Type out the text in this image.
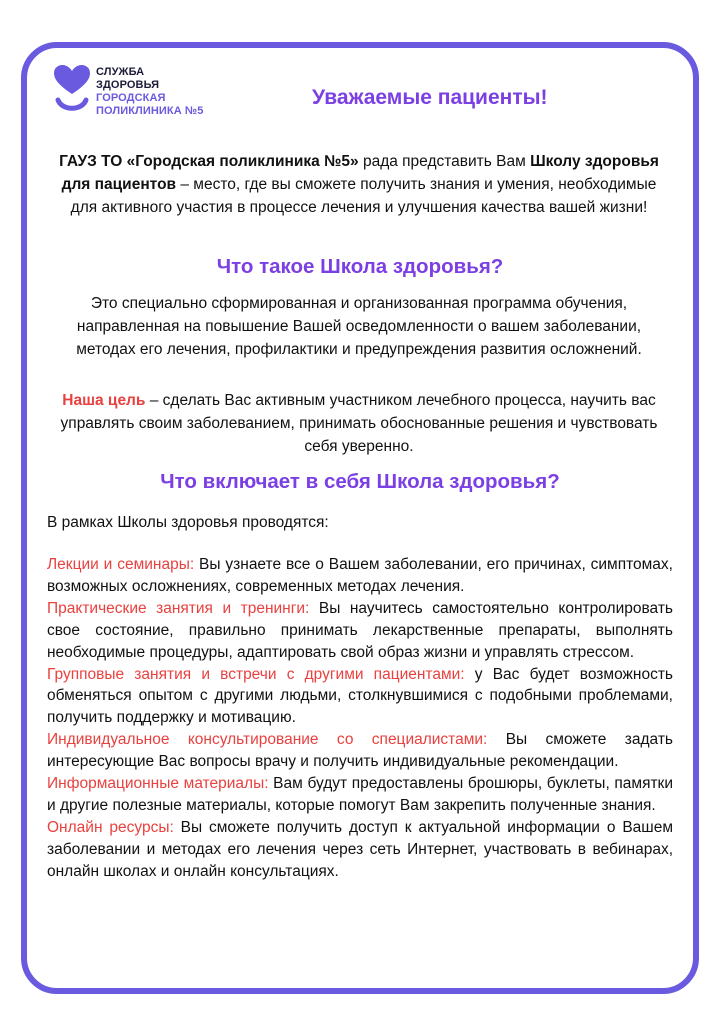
СЛУЖБА
ЗДОРОВЬЯ
ГОРОДСКАЯ
ПОЛИКЛИНИКА №5
Уважаемые пациенты!
ГАУЗ ТО «Городская поликлиника №5» рада представить Вам Школу здоровья для пациентов – место, где вы сможете получить знания и умения, необходимые для активного участия в процессе лечения и улучшения качества вашей жизни!
Что такое Школа здоровья?
Это специально сформированная и организованная программа обучения, направленная на повышение Вашей осведомленности о вашем заболевании, методах его лечения, профилактики и предупреждения развития осложнений.
Наша цель – сделать Вас активным участником лечебного процесса, научить вас управлять своим заболеванием, принимать обоснованные решения и чувствовать себя уверенно.
Что включает в себя Школа здоровья?
В рамках Школы здоровья проводятся:

Лекции и семинары: Вы узнаете все о Вашем заболевании, его причинах, симптомах, возможных осложнениях, современных методах лечения.

Практические занятия и тренинги: Вы научитесь самостоятельно контролировать свое состояние, правильно принимать лекарственные препараты, выполнять необходимые процедуры, адаптировать свой образ жизни и управлять стрессом.

Групповые занятия и встречи с другими пациентами: у Вас будет возможность обменяться опытом с другими людьми, столкнувшимися с подобными проблемами, получить поддержку и мотивацию.

Индивидуальное консультирование со специалистами: Вы сможете задать интересующие Вас вопросы врачу и получить индивидуальные рекомендации.

Информационные материалы: Вам будут предоставлены брошюры, буклеты, памятки и другие полезные материалы, которые помогут Вам закрепить полученные знания.

Онлайн ресурсы: Вы сможете получить доступ к актуальной информации о Вашем заболевании и методах его лечения через сеть Интернет, участвовать в вебинарах, онлайн школах и онлайн консультациях.
